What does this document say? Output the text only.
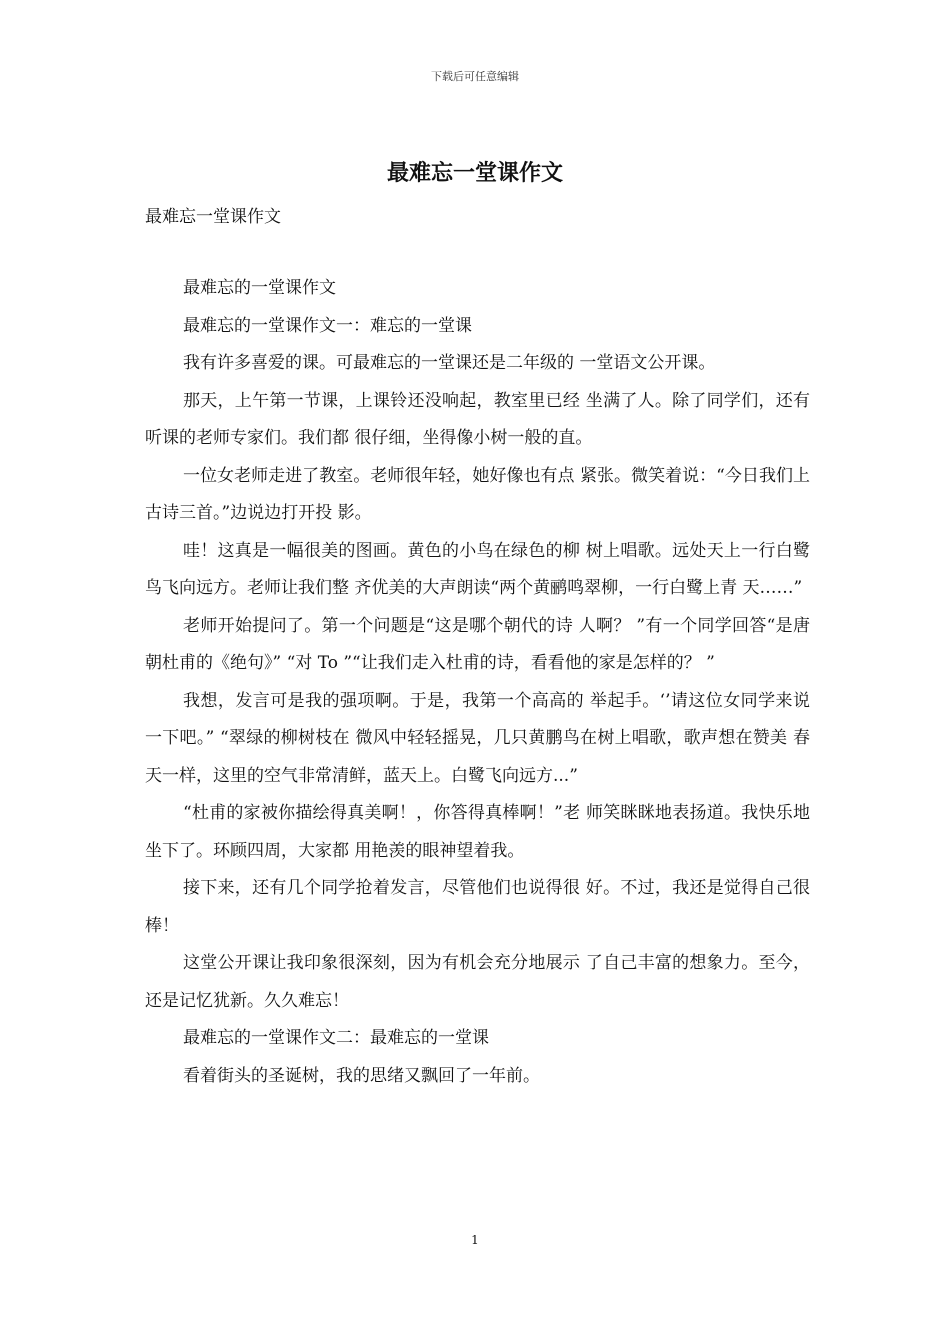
下载后可任意编辑
最难忘一堂课作文

最难忘一堂课作文

最难忘的一堂课作文

最难忘的一堂课作文一：难忘的一堂课

我有许多喜爱的课。可最难忘的一堂课还是二年级的 一堂语文公开课。

那天，上午第一节课，上课铃还没响起，教室里已经 坐满了人。除了同学们，还有听课的老师专家们。我们都 很仔细，坐得像小树一般的直。

一位女老师走进了教室。老师很年轻，她好像也有点 紧张。微笑着说：“今日我们上古诗三首。”边说边打开投 影。

哇！这真是一幅很美的图画。黄色的小鸟在绿色的柳 树上唱歌。远处天上一行白鹭鸟飞向远方。老师让我们整 齐优美的大声朗读“两个黄鹂鸣翠柳，一行白鹭上青 天……”

老师开始提问了。第一个问题是“这是哪个朝代的诗 人啊？ ”有一个同学回答“是唐朝杜甫的《绝句》” “对 To ”“让我们走入杜甫的诗，看看他的家是怎样的？ ”

我想，发言可是我的强项啊。于是，我第一个高高的 举起手。‘’请这位女同学来说一下吧。” “翠绿的柳树枝在 微风中轻轻摇晃，几只黄鹏鸟在树上唱歌，歌声想在赞美 春天一样，这里的空气非常清鲜，蓝天上。白鹭飞向远方...”

“杜甫的家被你描绘得真美啊！，你答得真棒啊！”老 师笑眯眯地表扬道。我快乐地坐下了。环顾四周，大家都 用艳羡的眼神望着我。

接下来，还有几个同学抢着发言，尽管他们也说得很 好。不过，我还是觉得自己很棒！

这堂公开课让我印象很深刻，因为有机会充分地展示 了自己丰富的想象力。至今，还是记忆犹新。久久难忘！

最难忘的一堂课作文二：最难忘的一堂课

看着街头的圣诞树，我的思绪又飘回了一年前。

1
